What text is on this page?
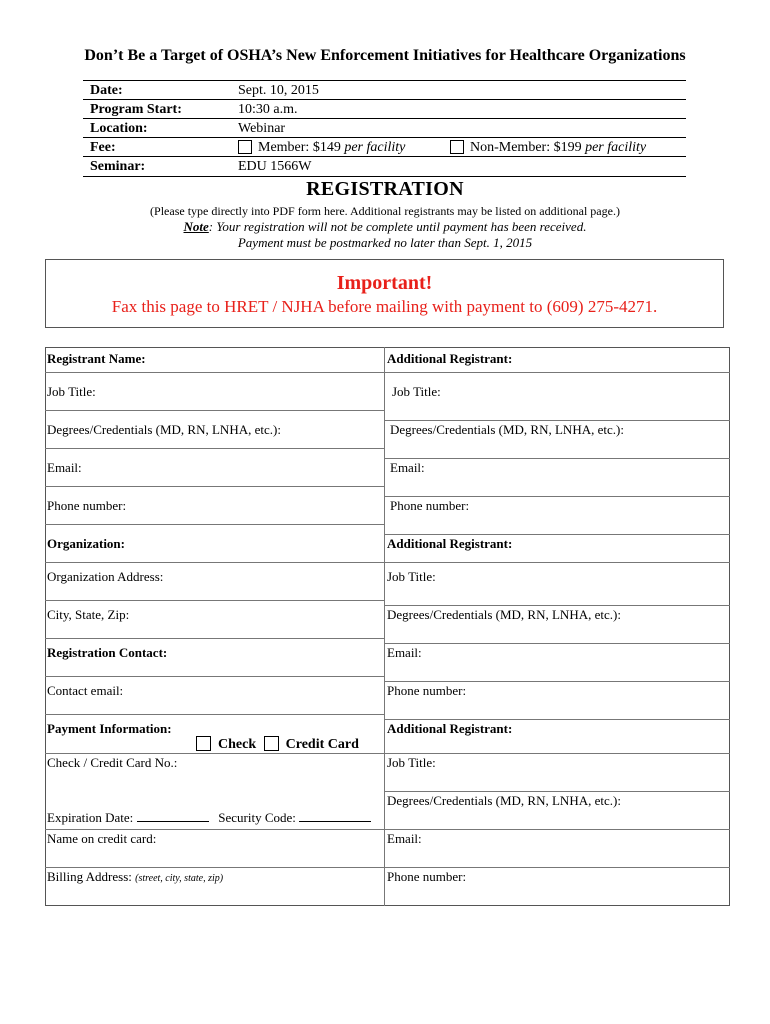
Don’t Be a Target of OSHA’s New Enforcement Initiatives for Healthcare Organizations
Date:	Sept. 10, 2015
Program Start:	10:30 a.m.
Location:	Webinar
Fee:	Member: $149 per facility	Non-Member: $199 per facility
Seminar:	EDU 1566W
REGISTRATION
(Please type directly into PDF form here. Additional registrants may be listed on additional page.)
Note: Your registration will not be complete until payment has been received.
Payment must be postmarked no later than Sept. 1, 2015
Important!
Fax this page to HRET / NJHA before mailing with payment to (609) 275-4271.
Registrant Name:
Job Title:
Degrees/Credentials (MD, RN, LNHA, etc.):
Email:
Phone number:
Organization:
Organization Address:
City, State, Zip:
Registration Contact:
Contact email:
Payment Information:
Check Credit Card
Check / Credit Card No.:
Expiration Date:	Security Code:
Name on credit card:
Billing Address: (street, city, state, zip)
Additional Registrant:
Job Title:
Degrees/Credentials (MD, RN, LNHA, etc.):
Email:
Phone number:
Additional Registrant:
Job Title:
Degrees/Credentials (MD, RN, LNHA, etc.):
Email:
Phone number:
Additional Registrant:
Job Title:
Degrees/Credentials (MD, RN, LNHA, etc.):
Email:
Phone number:
